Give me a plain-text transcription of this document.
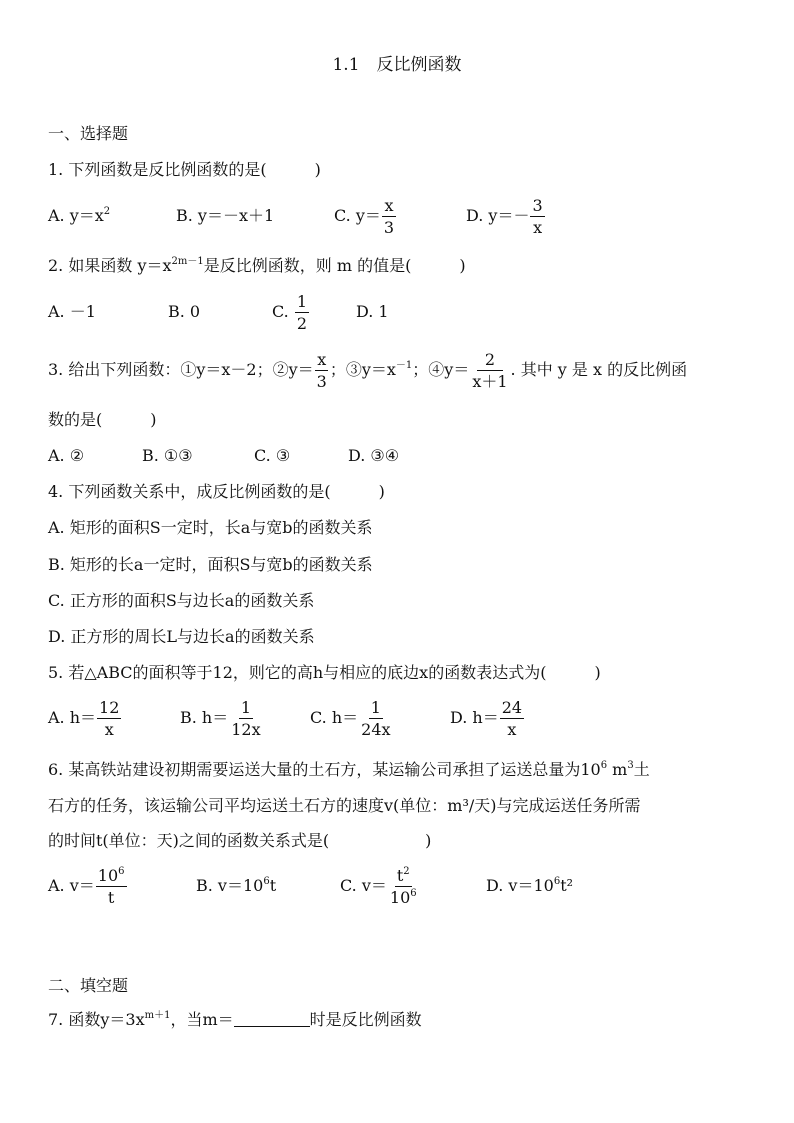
1.1　反比例函数
一、选择题
1. 下列函数是反比例函数的是(　　　)
A. $y=x^2$	B. y＝－x＋1	C. $y= \frac{x}{3}$	D. $y=- \frac{3}{x}$
2. 如果函数 $y=x^{2m-1}$是反比例函数，则 m 的值是(　　　)
A. －1	B. 0	C. $\frac{1}{2}$	D. 1
3. 给出下列函数：①y＝x－2；②y＝ $\frac{x}{3}$ ；$③y=x^{-1}$；④y＝ $\frac{2}{x+1}$ . 其中 y 是 x 的反比例函
数的是(　　　)
A. ②	B. ①③	C. ③	D. ③④
4. 下列函数关系中，成反比例函数的是(　　　)
A. 矩形的面积S一定时，长a与宽b的函数关系
B. 矩形的长a一定时，面积S与宽b的函数关系
C. 正方形的面积S与边长a的函数关系
D. 正方形的周长L与边长a的函数关系
5. 若△ABC的面积等于12，则它的高h与相应的底边x的函数表达式为(　　　)
A. $h= \frac{12}{x}$	B. $h= \frac{1}{12x}$	C. $h= \frac{1}{24x}$	D. $h= \frac{24}{x}$
6. 某高铁站建设初期需要运送大量的土石方，某运输公司承担了运送总量为$10^6$ $m^3$土
石方的任务，该运输公司平均运送土石方的速度v(单位：m³/天)与完成运送任务所需
的时间t(单位：天)之间的函数关系式是(　　　　　　)
A. $v= \frac{10^6}{t}$	B. $v=10^6t$	C. $v= \frac{t^2}{10^6}$	D. $v=10^6t^2$
二、填空题
7. 函数$y=3x^{m+1}$，当m＝	时是反比例函数
